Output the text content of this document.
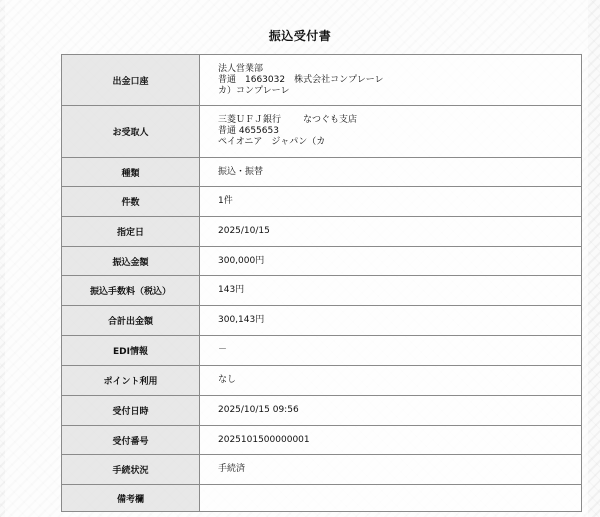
振込受付書
出金口座	法人営業部
普通　1663032　株式会社コンプレーレ
カ）コンプレーレ

お受取人	三菱ＵＦＪ銀行 なつぐも支店
普通 4655653
ペイオニア　ジャパン（カ

種類	振込・振替
件数	1件
指定日	2025/10/15
振込金額	300,000円
振込手数料（税込）	143円
合計出金額	300,143円
EDI情報	－
ポイント利用	なし
受付日時	2025/10/15 09:56
受付番号	2025101500000001
手続状況	手続済
備考欄	
